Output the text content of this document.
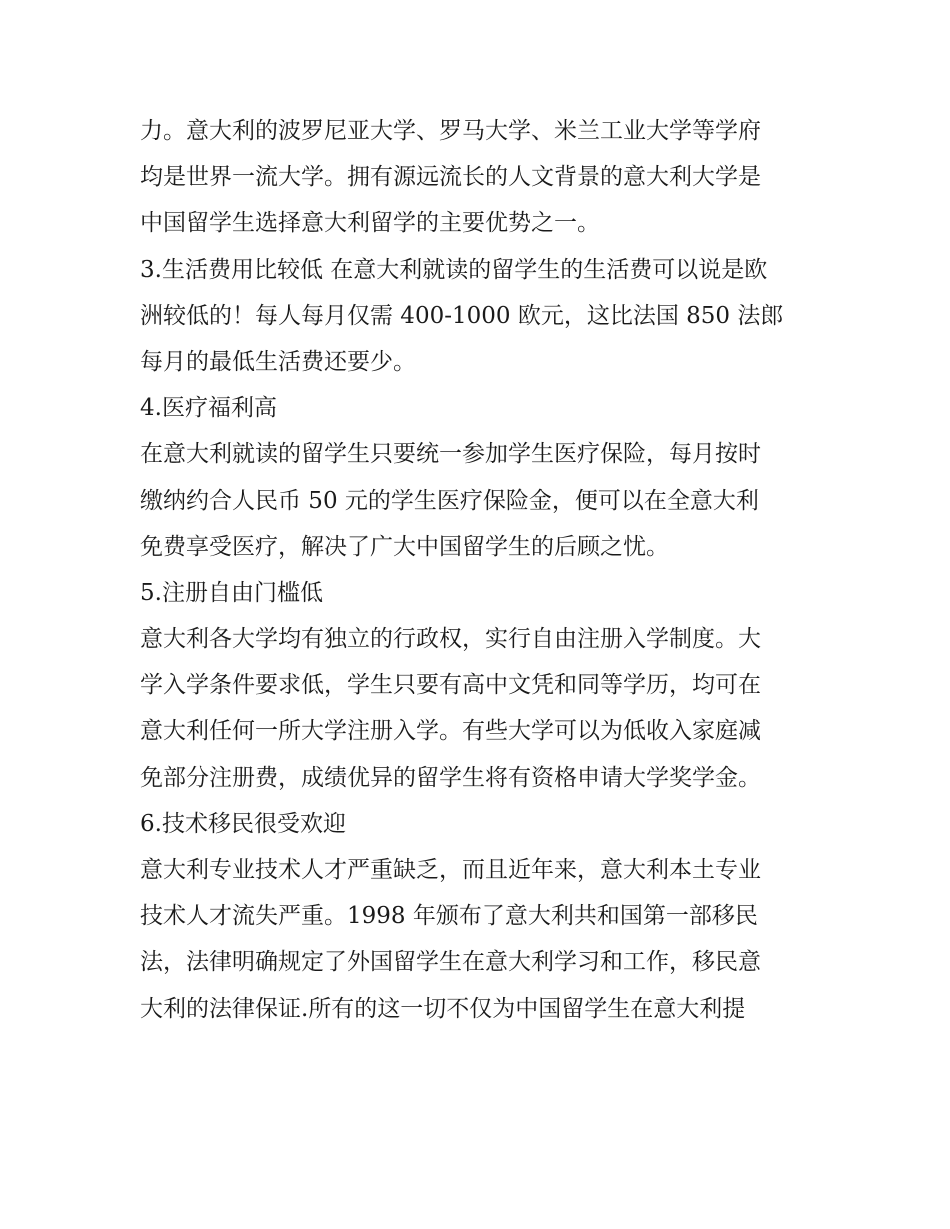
力。意大利的波罗尼亚大学、罗马大学、米兰工业大学等学府
均是世界一流大学。拥有源远流长的人文背景的意大利大学是
中国留学生选择意大利留学的主要优势之一。
3.生活费用比较低 在意大利就读的留学生的生活费可以说是欧
洲较低的！每人每月仅需 400-1000 欧元，这比法国 850 法郎
每月的最低生活费还要少。
4.医疗福利高
在意大利就读的留学生只要统一参加学生医疗保险，每月按时
缴纳约合人民币 50 元的学生医疗保险金，便可以在全意大利
免费享受医疗，解决了广大中国留学生的后顾之忧。
5.注册自由门槛低
意大利各大学均有独立的行政权，实行自由注册入学制度。大
学入学条件要求低，学生只要有高中文凭和同等学历，均可在
意大利任何一所大学注册入学。有些大学可以为低收入家庭减
免部分注册费，成绩优异的留学生将有资格申请大学奖学金。
6.技术移民很受欢迎
意大利专业技术人才严重缺乏，而且近年来，意大利本土专业
技术人才流失严重。1998 年颁布了意大利共和国第一部移民
法，法律明确规定了外国留学生在意大利学习和工作，移民意
大利的法律保证.所有的这一切不仅为中国留学生在意大利提
